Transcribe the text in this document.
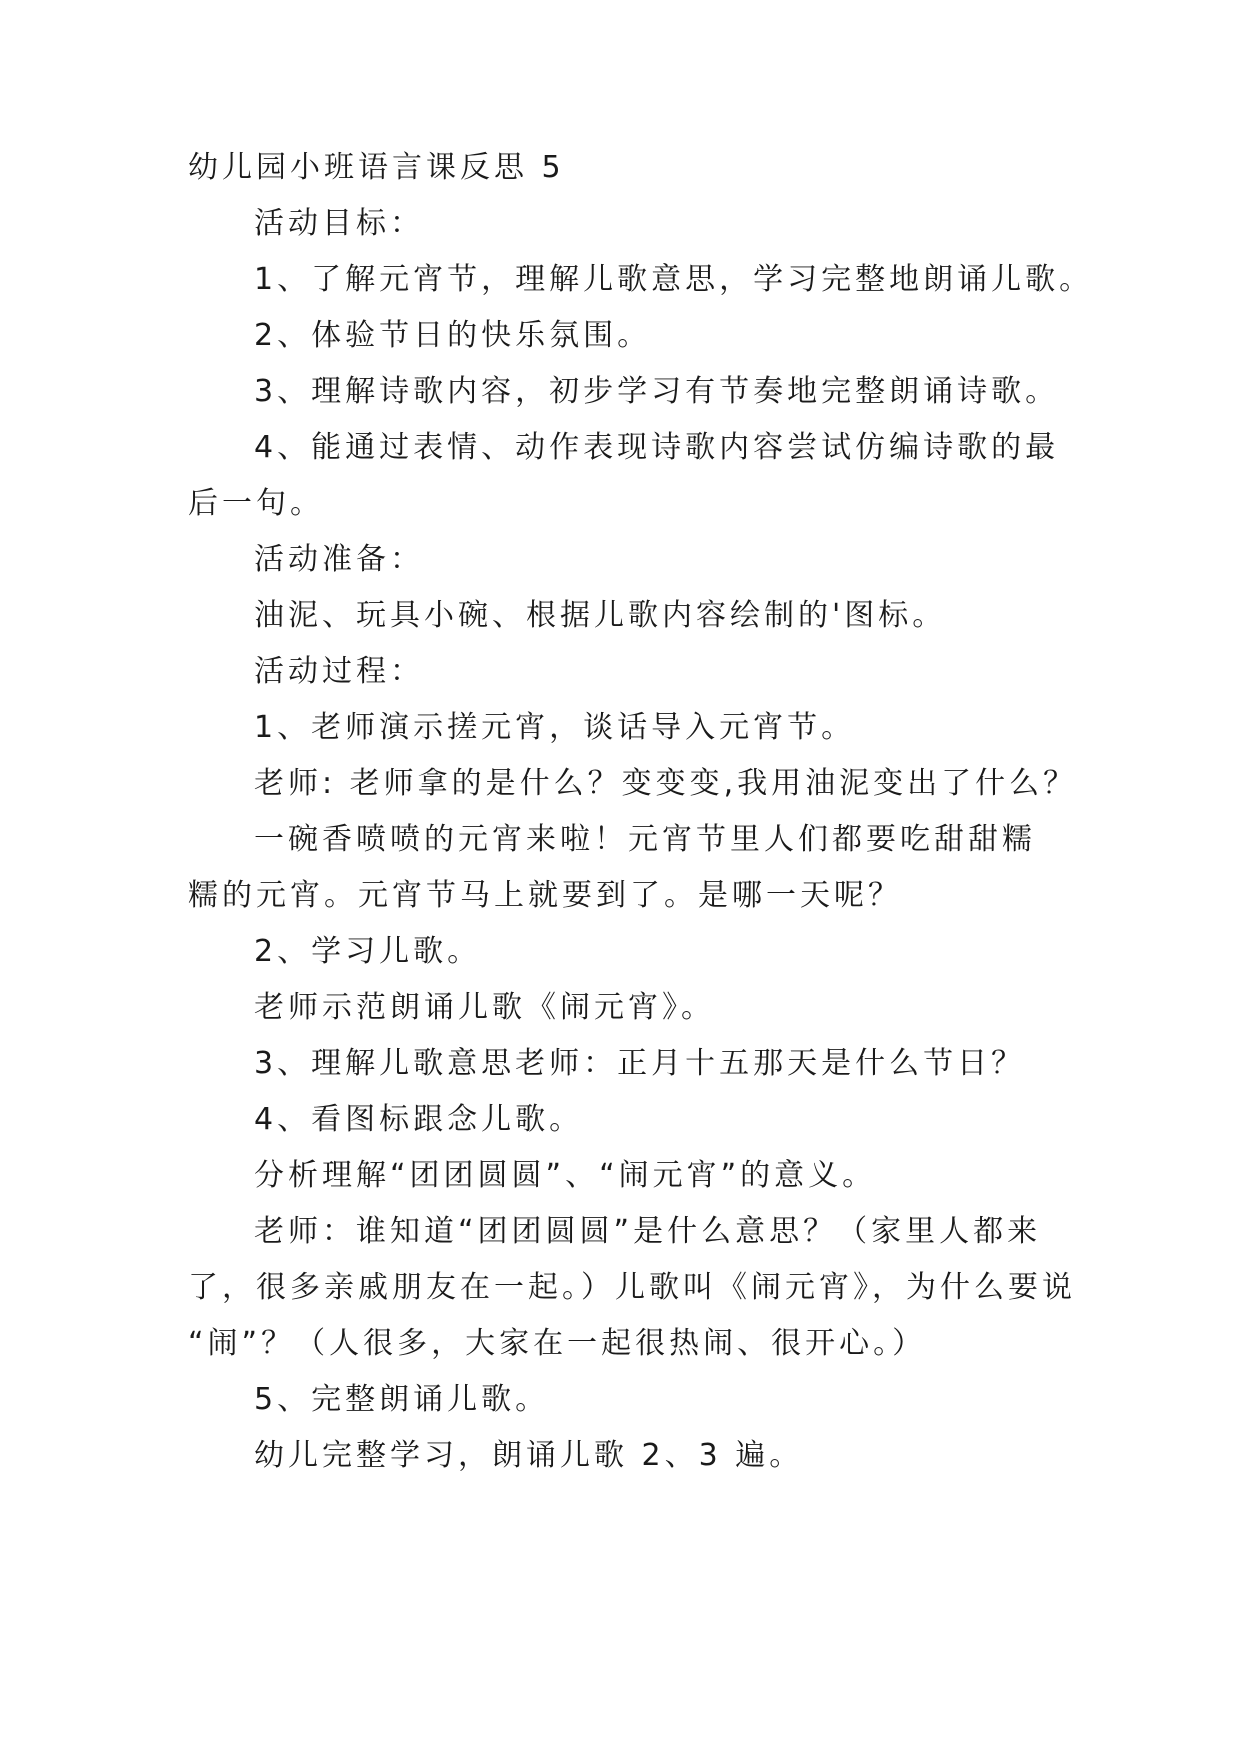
幼儿园小班语言课反思 5
活动目标：
1、了解元宵节，理解儿歌意思，学习完整地朗诵儿歌。
2、体验节日的快乐氛围。
3、理解诗歌内容，初步学习有节奏地完整朗诵诗歌。
4、能通过表情、动作表现诗歌内容尝试仿编诗歌的最
后一句。
活动准备：
油泥、玩具小碗、根据儿歌内容绘制的'图标。
活动过程：
1、老师演示搓元宵，谈话导入元宵节。
老师: 老师拿的是什么？变变变,我用油泥变出了什么？
一碗香喷喷的元宵来啦！元宵节里人们都要吃甜甜糯
糯的元宵。元宵节马上就要到了。是哪一天呢？
2、学习儿歌。
老师示范朗诵儿歌《闹元宵》。
3、理解儿歌意思老师：正月十五那天是什么节日？
4、看图标跟念儿歌。
分析理解“团团圆圆”、“闹元宵”的意义。
老师：谁知道“团团圆圆”是什么意思？（家里人都来
了，很多亲戚朋友在一起。）儿歌叫《闹元宵》，为什么要说
“闹”？（人很多，大家在一起很热闹、很开心。）
5、完整朗诵儿歌。
幼儿完整学习，朗诵儿歌 2、3 遍。
